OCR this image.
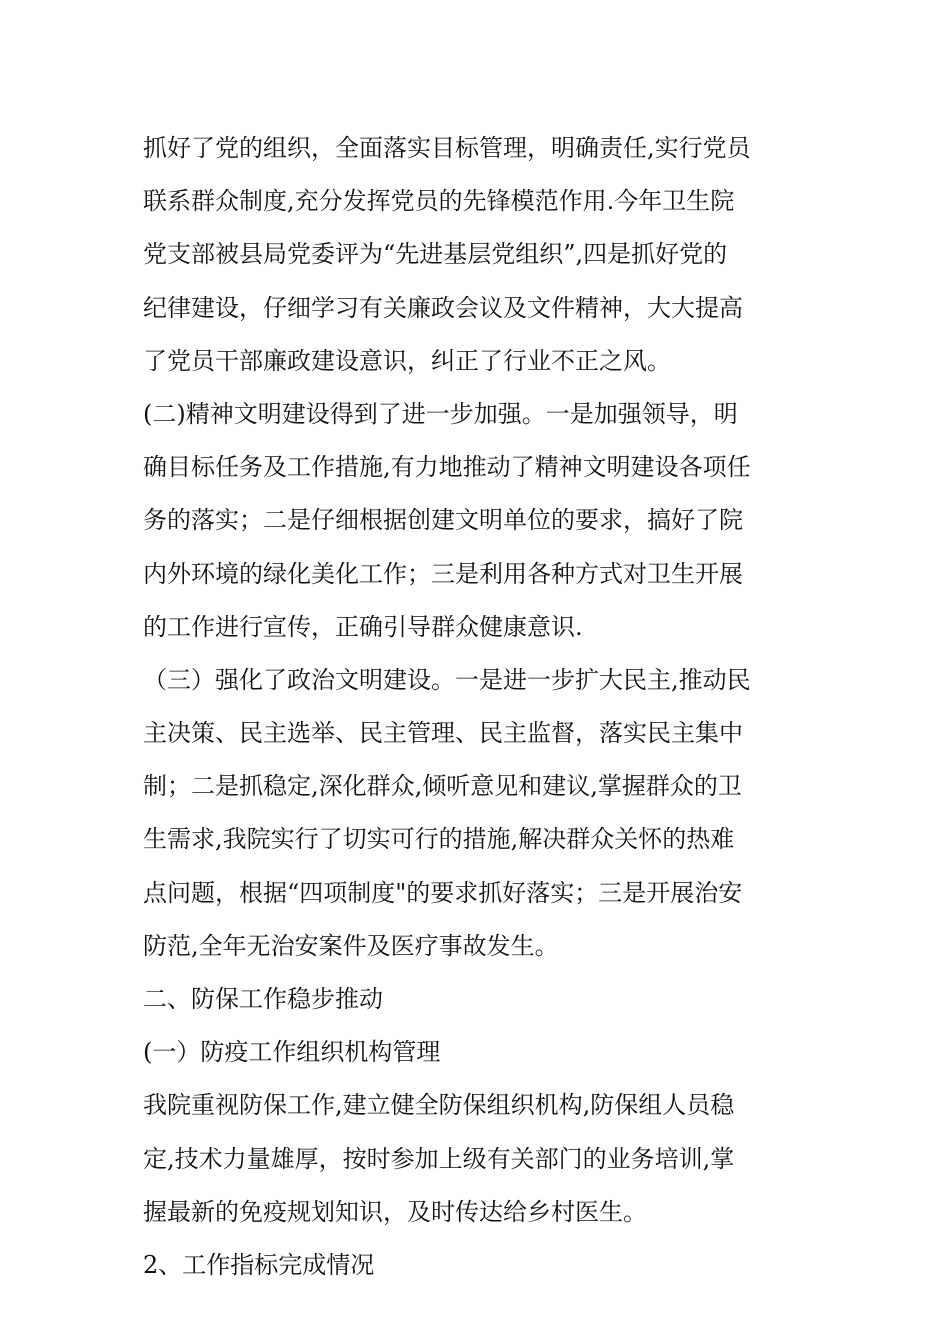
抓好了党的组织，全面落实目标管理，明确责任,实行党员
联系群众制度,充分发挥党员的先锋模范作用.今年卫生院
党支部被县局党委评为“先进基层党组织”,四是抓好党的
纪律建设，仔细学习有关廉政会议及文件精神，大大提高
了党员干部廉政建设意识，纠正了行业不正之风。
(二)精神文明建设得到了进一步加强。一是加强领导，明
确目标任务及工作措施,有力地推动了精神文明建设各项任
务的落实；二是仔细根据创建文明单位的要求，搞好了院
内外环境的绿化美化工作；三是利用各种方式对卫生开展
的工作进行宣传，正确引导群众健康意识.
（三）强化了政治文明建设。一是进一步扩大民主,推动民
主决策、民主选举、民主管理、民主监督，落实民主集中
制；二是抓稳定,深化群众,倾听意见和建议,掌握群众的卫
生需求,我院实行了切实可行的措施,解决群众关怀的热难
点问题，根据“四项制度"的要求抓好落实；三是开展治安
防范,全年无治安案件及医疗事故发生。
二、防保工作稳步推动
(一）防疫工作组织机构管理
我院重视防保工作,建立健全防保组织机构,防保组人员稳
定,技术力量雄厚，按时参加上级有关部门的业务培训,掌
握最新的免疫规划知识，及时传达给乡村医生。
2、工作指标完成情况
